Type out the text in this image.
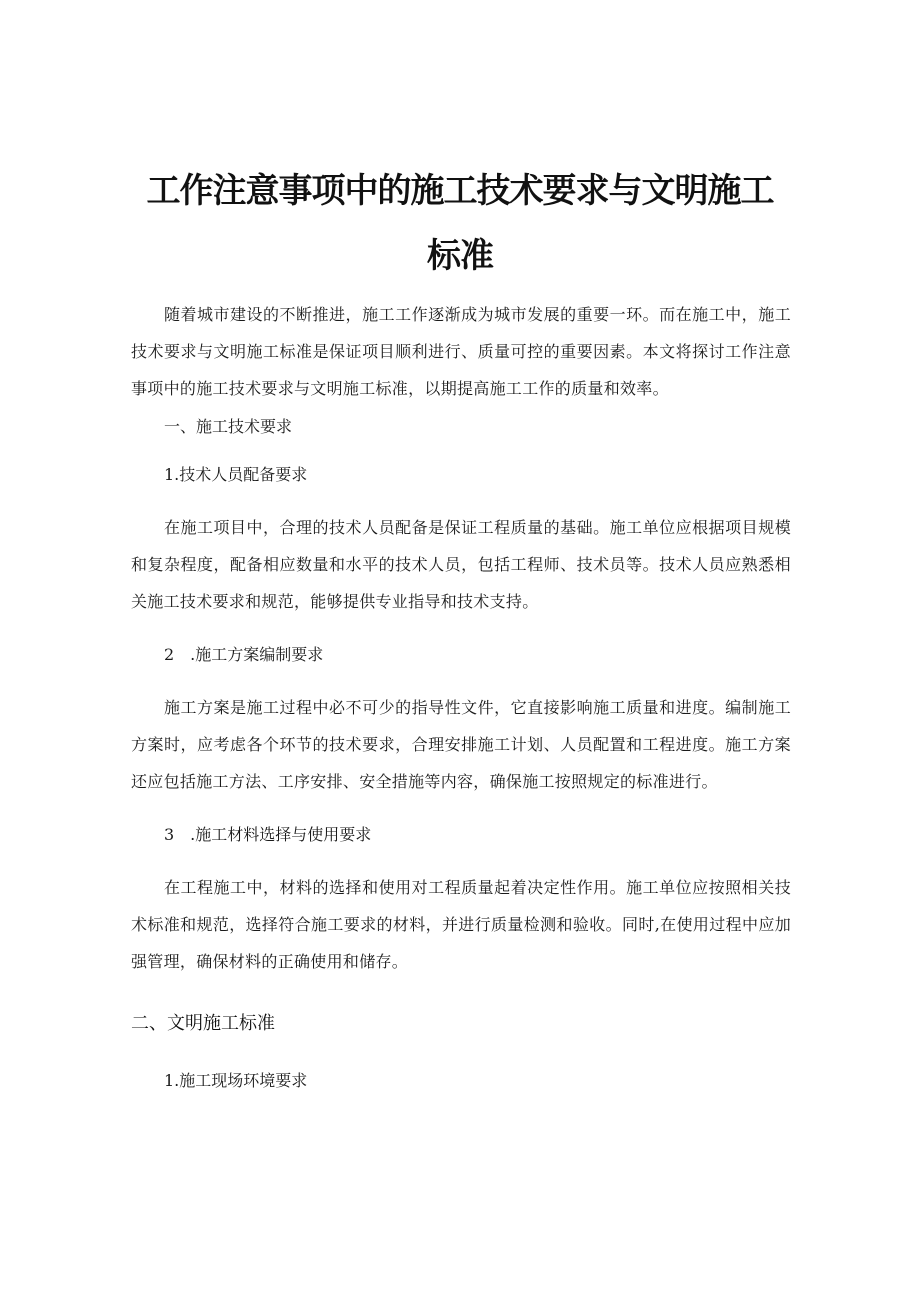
工作注意事项中的施工技术要求与文明施工
标准

随着城市建设的不断推进，施工工作逐渐成为城市发展的重要一环。而在施工中，施工技术要求与文明施工标准是保证项目顺利进行、质量可控的重要因素。本文将探讨工作注意事项中的施工技术要求与文明施工标准，以期提高施工工作的质量和效率。

一、施工技术要求
1.技术人员配备要求

在施工项目中，合理的技术人员配备是保证工程质量的基础。施工单位应根据项目规模和复杂程度，配备相应数量和水平的技术人员，包括工程师、技术员等。技术人员应熟悉相关施工技术要求和规范，能够提供专业指导和技术支持。

2　.施工方案编制要求

施工方案是施工过程中必不可少的指导性文件，它直接影响施工质量和进度。编制施工方案时，应考虑各个环节的技术要求，合理安排施工计划、人员配置和工程进度。施工方案还应包括施工方法、工序安排、安全措施等内容，确保施工按照规定的标准进行。

3　.施工材料选择与使用要求

在工程施工中，材料的选择和使用对工程质量起着决定性作用。施工单位应按照相关技术标准和规范，选择符合施工要求的材料，并进行质量检测和验收。同时,在使用过程中应加强管理，确保材料的正确使用和储存。

二、文明施工标准
1.施工现场环境要求
